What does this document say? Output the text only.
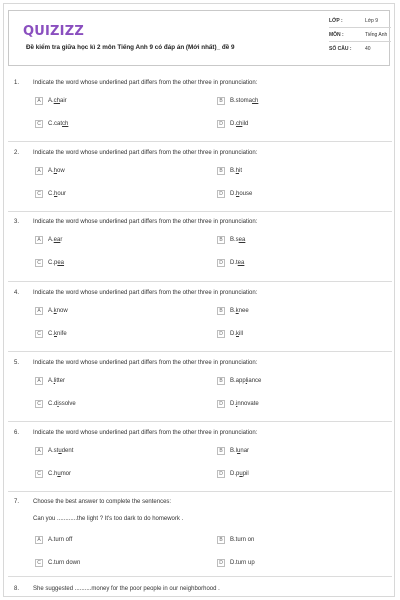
QUIZIZZ
Đề kiểm tra giữa học kì 2 môn Tiếng Anh 9 có đáp án (Mới nhất)_ đề 9
LỚP :	Lớp 9
MÔN :	Tiếng Anh
SỐ CÂU :	40
1. Indicate the word whose underlined part differs from the other three in pronunciation:
A	A. ch air	B	B. stoma ch
C	C. cat ch	D	D. ch ild
2. Indicate the word whose underlined part differs from the other three in pronunciation:
A	A. h ow	B	B. h it
C	C. h our	D	D. h ouse
3. Indicate the word whose underlined part differs from the other three in pronunciation:
A	A. ea r	B	B. s ea
C	C. p ea	D	D. t ea
4. Indicate the word whose underlined part differs from the other three in pronunciation:
A	A. k now	B	B. k nee
C	C. k nife	D	D. k ill
5. Indicate the word whose underlined part differs from the other three in pronunciation:
A	A. l itter	B	B. app l iance
C	C. d i ssolve	D	D. i nnovate
6. Indicate the word whose underlined part differs from the other three in pronunciation:
A	A. st u dent	B	B. l u nar
C	C. h u mor	D	D. p u pil
7. Choose the best answer to complete the sentences:
Can you ............the light ? It's too dark to do homework .
A	A. turn off	B	B. turn on
C	C. turn down	D	D. turn up
8. She suggested ..........money for the poor people in our neighborhood .
